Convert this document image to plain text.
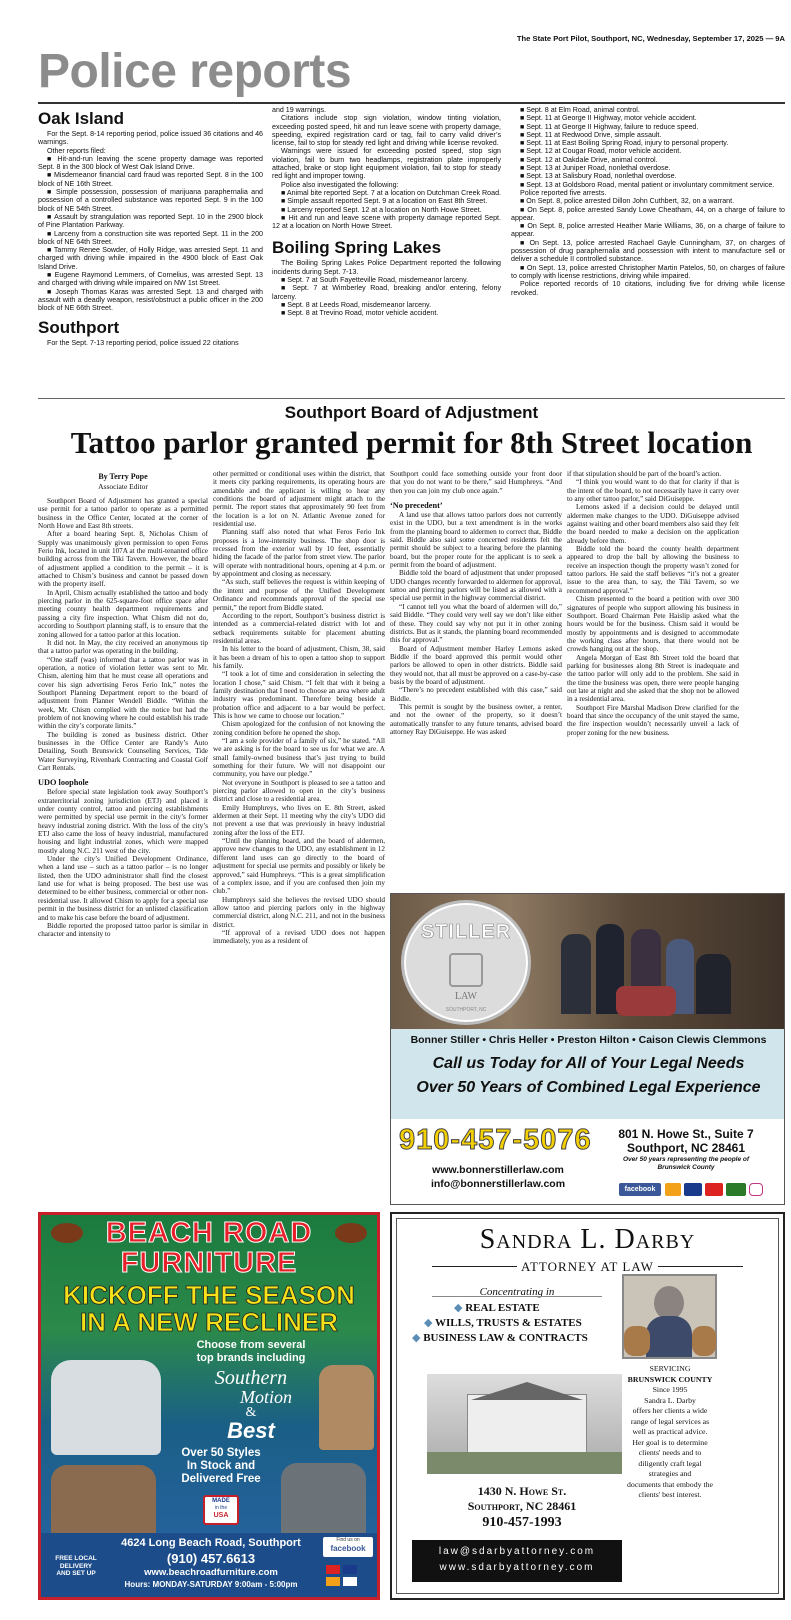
The State Port Pilot, Southport, NC, Wednesday, September 17, 2025 — 9A
Police reports
Oak Island
For the Sept. 8-14 reporting period, police issued 36 citations and 46 warnings.
Other reports filed:
■ Hit-and-run leaving the scene property damage was reported Sept. 8 in the 300 block of West Oak Island Drive.
■ Misdemeanor financial card fraud was reported Sept. 8 in the 100 block of NE 16th Street.
■ Simple possession, possession of marijuana paraphernalia and possession of a controlled substance was reported Sept. 9 in the 100 block of NE 54th Street.
■ Assault by strangulation was reported Sept. 10 in the 2900 block of Pine Plantation Parkway.
■ Larceny from a construction site was reported Sept. 11 in the 200 block of NE 64th Street.
■ Tammy Renee Sowder, of Holly Ridge, was arrested Sept. 11 and charged with driving while impaired in the 4900 block of East Oak Island Drive.
■ Eugene Raymond Lemmers, of Cornelius, was arrested Sept. 13 and charged with driving while impaired on NW 1st Street.
■ Joseph Thomas Karas was arrested Sept. 13 and charged with assault with a deadly weapon, resist/obstruct a public officer in the 200 block of NE 66th Street.
Southport
For the Sept. 7-13 reporting period, police issued 22 citations
and 19 warnings.
Citations include stop sign violation, window tinting violation, exceeding posted speed, hit and run leave scene with property damage, speeding, expired registration card or tag, fail to carry valid driver’s license, fail to stop for steady red light and driving while license revoked.
Warnings were issued for exceeding posted speed, stop sign violation, fail to burn two headlamps, registration plate improperly attached, brake or stop light equipment violation, fail to stop for steady red light and improper towing.
Police also investigated the following:
■ Animal bite reported Sept. 7 at a location on Dutchman Creek Road.
■ Simple assault reported Sept. 9 at a location on East 8th Street.
■ Larceny reported Sept. 12 at a location on North Howe Street.
■ Hit and run and leave scene with property damage reported Sept. 12 at a location on North Howe Street.
Boiling Spring Lakes
The Boiling Spring Lakes Police Department reported the following incidents during Sept. 7-13.
■ Sept. 7 at South Fayetteville Road, misdemeanor larceny.
■ Sept. 7 at Wimberley Road, breaking and/or entering, felony larceny.
■ Sept. 8 at Leeds Road, misdemeanor larceny.
■ Sept. 8 at Trevino Road, motor vehicle accident.
■ Sept. 8 at Elm Road, animal control.
■ Sept. 11 at George II Highway, motor vehicle accident.
■ Sept. 11 at George II Highway, failure to reduce speed.
■ Sept. 11 at Redwood Drive, simple assault.
■ Sept. 11 at East Boiling Spring Road, injury to personal property.
■ Sept. 12 at Cougar Road, motor vehicle accident.
■ Sept. 12 at Oakdale Drive, animal control.
■ Sept. 13 at Juniper Road, nonlethal overdose.
■ Sept. 13 at Salisbury Road, nonlethal overdose.
■ Sept. 13 at Goldsboro Road, mental patient or involuntary commitment service.
Police reported five arrests.
■ On Sept. 8, police arrested Dillon John Cuthbert, 32, on a warrant.
■ On Sept. 8, police arrested Sandy Lowe Cheatham, 44, on a charge of failure to appear.
■ On Sept. 8, police arrested Heather Marie Williams, 36, on a charge of failure to appear.
■ On Sept. 13, police arrested Rachael Gayle Cunningham, 37, on charges of possession of drug paraphernalia and possession with intent to manufacture sell or deliver a schedule II controlled substance.
■ On Sept. 13, police arrested Christopher Martin Patelos, 50, on charges of failure to comply with license restrictions, driving while impaired.
Police reported records of 10 citations, including five for driving while license revoked.
Southport Board of Adjustment
Tattoo parlor granted permit for 8th Street location
By Terry Pope
Associate Editor
Southport Board of Adjustment has granted a special use permit for a tattoo parlor to operate as a permitted business in the Office Center, located at the corner of North Howe and East 8th streets.
After a board hearing Sept. 8, Nicholas Chism of Supply was unanimously given permission to open Feros Ferio Ink, located in unit 107A at the multi-tenanted office building across from the Tiki Tavern. However, the board of adjustment applied a condition to the permit – it is attached to Chism’s business and cannot be passed down with the property itself.
In April, Chism actually established the tattoo and body piercing parlor in the 625-square-foot office space after meeting county health department requirements and passing a city fire inspection. What Chism did not do, according to Southport planning staff, is to ensure that the zoning allowed for a tattoo parlor at this location.
It did not. In May, the city received an anonymous tip that a tattoo parlor was operating in the building.
“One staff (was) informed that a tattoo parlor was in operation, a notice of violation letter was sent to Mr. Chism, alerting him that he must cease all operations and cover his sign advertising Feros Ferio Ink,” notes the Southport Planning Department report to the board of adjustment from Planner Wendell Biddle. “Within the week, Mr. Chism complied with the notice but had the problem of not knowing where he could establish his trade within the city’s corporate limits.”
The building is zoned as business district. Other businesses in the Office Center are Randy’s Auto Detailing, South Brunswick Counseling Services, Tide Water Surveying, Rivenbark Contracting and Coastal Golf Cart Rentals.
UDO loophole
Before special state legislation took away Southport’s extraterritorial zoning jurisdiction (ETJ) and placed it under county control, tattoo and piercing establishments were permitted by special use permit in the city’s former heavy industrial zoning district. With the loss of the city’s ETJ also came the loss of heavy industrial, manufactured housing and light industrial zones, which were mapped mostly along N.C. 211 west of the city.
Under the city’s Unified Development Ordinance, when a land use – such as a tattoo parlor – is no longer listed, then the UDO administrator shall find the closest land use for what is being proposed. The best use was determined to be either business, commercial or other non-residential use. It allowed Chism to apply for a special use permit in the business district for an unlisted classification and to make his case before the board of adjustment.
Biddle reported the proposed tattoo parlor is similar in character and intensity to
other permitted or conditional uses within the district, that it meets city parking requirements, its operating hours are amendable and the applicant is willing to hear any conditions the board of adjustment might attach to the permit. The report states that approximately 90 feet from the location is a lot on N. Atlantic Avenue zoned for residential use.
Planning staff also noted that what Feros Ferio Ink proposes is a low-intensity business. The shop door is recessed from the exterior wall by 10 feet, essentially hiding the facade of the parlor from street view. The parlor will operate with nontraditional hours, opening at 4 p.m. or by appointment and closing as necessary.
“As such, staff believes the request is within keeping of the intent and purpose of the Unified Development Ordinance and recommends approval of the special use permit,” the report from Biddle stated.
According to the report, Southport’s business district is intended as a commercial-related district with lot and setback requirements suitable for placement abutting residential areas.
In his letter to the board of adjustment, Chism, 38, said it has been a dream of his to open a tattoo shop to support his family.
“I took a lot of time and consideration in selecting the location I chose,” said Chism. “I felt that with it being a family destination that I need to choose an area where adult industry was predominant. Therefore being beside a probation office and adjacent to a bar would be perfect. This is how we came to choose our location.”
Chism apologized for the confusion of not knowing the zoning condition before he opened the shop.
“I am a sole provider of a family of six,” he stated. “All we are asking is for the board to see us for what we are. A small family-owned business that’s just trying to build something for their future. We will not disappoint our community, you have our pledge.”
Not everyone in Southport is pleased to see a tattoo and piercing parlor allowed to open in the city’s business district and close to a residential area.
Emily Humphreys, who lives on E. 8th Street, asked aldermen at their Sept. 11 meeting why the city’s UDO did not prevent a use that was previously in heavy industrial zoning after the loss of the ETJ.
“Until the planning board, and the board of aldermen, approve new changes to the UDO, any establishment in 12 different land uses can go directly to the board of adjustment for special use permits and possibly or likely be approved,” said Humphreys. “This is a great simplification of a complex issue, and if you are confused then join my club.”
Humphreys said she believes the revised UDO should allow tattoo and piercing parlors only in the highway commercial district, along N.C. 211, and not in the business district.
“If approval of a revised UDO does not happen immediately, you as a resident of
Southport could face something outside your front door that you do not want to be there,” said Humphreys. “And then you can join my club once again.”
‘No precedent’
A land use that allows tattoo parlors does not currently exist in the UDO, but a text amendment is in the works from the planning board to aldermen to correct that, Biddle said. Biddle also said some concerned residents felt the permit should be subject to a hearing before the planning board, but the proper route for the applicant is to seek a permit from the board of adjustment.
Biddle told the board of adjustment that under proposed UDO changes recently forwarded to aldermen for approval, tattoo and piercing parlors will be listed as allowed with a special use permit in the highway commercial district.
“I cannot tell you what the board of aldermen will do,” said Biddle. “They could very well say we don’t like either of these. They could say why not put it in other zoning districts. But as it stands, the planning board recommended this for approval.”
Board of Adjustment member Harley Lemons asked Biddle if the board approved this permit would other parlors be allowed to open in other districts. Biddle said they would not, that all must be approved on a case-by-case basis by the board of adjustment.
“There’s no precedent established with this case,” said Biddle.
This permit is sought by the business owner, a renter, and not the owner of the property, so it doesn’t automatically transfer to any future tenants, advised board attorney Ray DiGuiseppe. He was asked
if that stipulation should be part of the board’s action.
“I think you would want to do that for clarity if that is the intent of the board, to not necessarily have it carry over to any other tattoo parlor,” said DiGuiseppe.
Lemons asked if a decision could be delayed until aldermen make changes to the UDO. DiGuiseppe advised against waiting and other board members also said they felt the board needed to make a decision on the application already before them.
Biddle told the board the county health department appeared to drop the ball by allowing the business to receive an inspection though the property wasn’t zoned for tattoo parlors. He said the staff believes “it’s not a greater issue to the area than, to say, the Tiki Tavern, so we recommend approval.”
Chism presented to the board a petition with over 300 signatures of people who support allowing his business in Southport. Board Chairman Pete Haislip asked what the hours would be for the business. Chism said it would be mostly by appointments and is designed to accommodate the working class after hours, that there would not be crowds hanging out at the shop.
Angela Morgan of East 8th Street told the board that parking for businesses along 8th Street is inadequate and the tattoo parlor will only add to the problem. She said in the time the business was open, there were people hanging out late at night and she asked that the shop not be allowed in a residential area.
Southport Fire Marshal Madison Drew clarified for the board that since the occupancy of the unit stayed the same, the fire inspection wouldn’t necessarily unveil a lack of proper zoning for the new business.
STILLER
LAW
SOUTHPORT, NC
Bonner Stiller • Chris Heller • Preston Hilton • Caison Clewis Clemmons
Call us Today for All of Your Legal Needs
Over 50 Years of Combined Legal Experience
910-457-5076
www.bonnerstillerlaw.com
info@bonnerstillerlaw.com
801 N. Howe St., Suite 7
Southport, NC 28461
Over 50 years representing the people of Brunswick County
facebook
BEACH ROAD
FURNITURE
KICKOFF THE SEASON
IN A NEW RECLINER
Choose from several
top brands including
Southern
Motion
&
Best
Over 50 Styles
In Stock and
Delivered Free
MADE
in the
USA
FREE LOCAL
DELIVERY
AND SET UP
4624 Long Beach Road, Southport
(910) 457.6613
www.beachroadfurniture.com
Hours: MONDAY-SATURDAY 9:00am - 5:00pm
Find us on
facebook
Sandra L. Darby
ATTORNEY AT LAW
Concentrating in
◆ REAL ESTATE
◆ WILLS, TRUSTS & ESTATES
◆ BUSINESS LAW & CONTRACTS
1430 N. Howe St.
Southport, NC 28461
910-457-1993
law@sdarbyattorney.com
www.sdarbyattorney.com
SERVICING
BRUNSWICK COUNTY
Since 1995
Sandra L. Darby
offers her clients a wide
range of legal services as
well as practical advice.
Her goal is to determine
clients' needs and to
diligently craft legal
strategies and
documents that embody the
clients' best interest.
